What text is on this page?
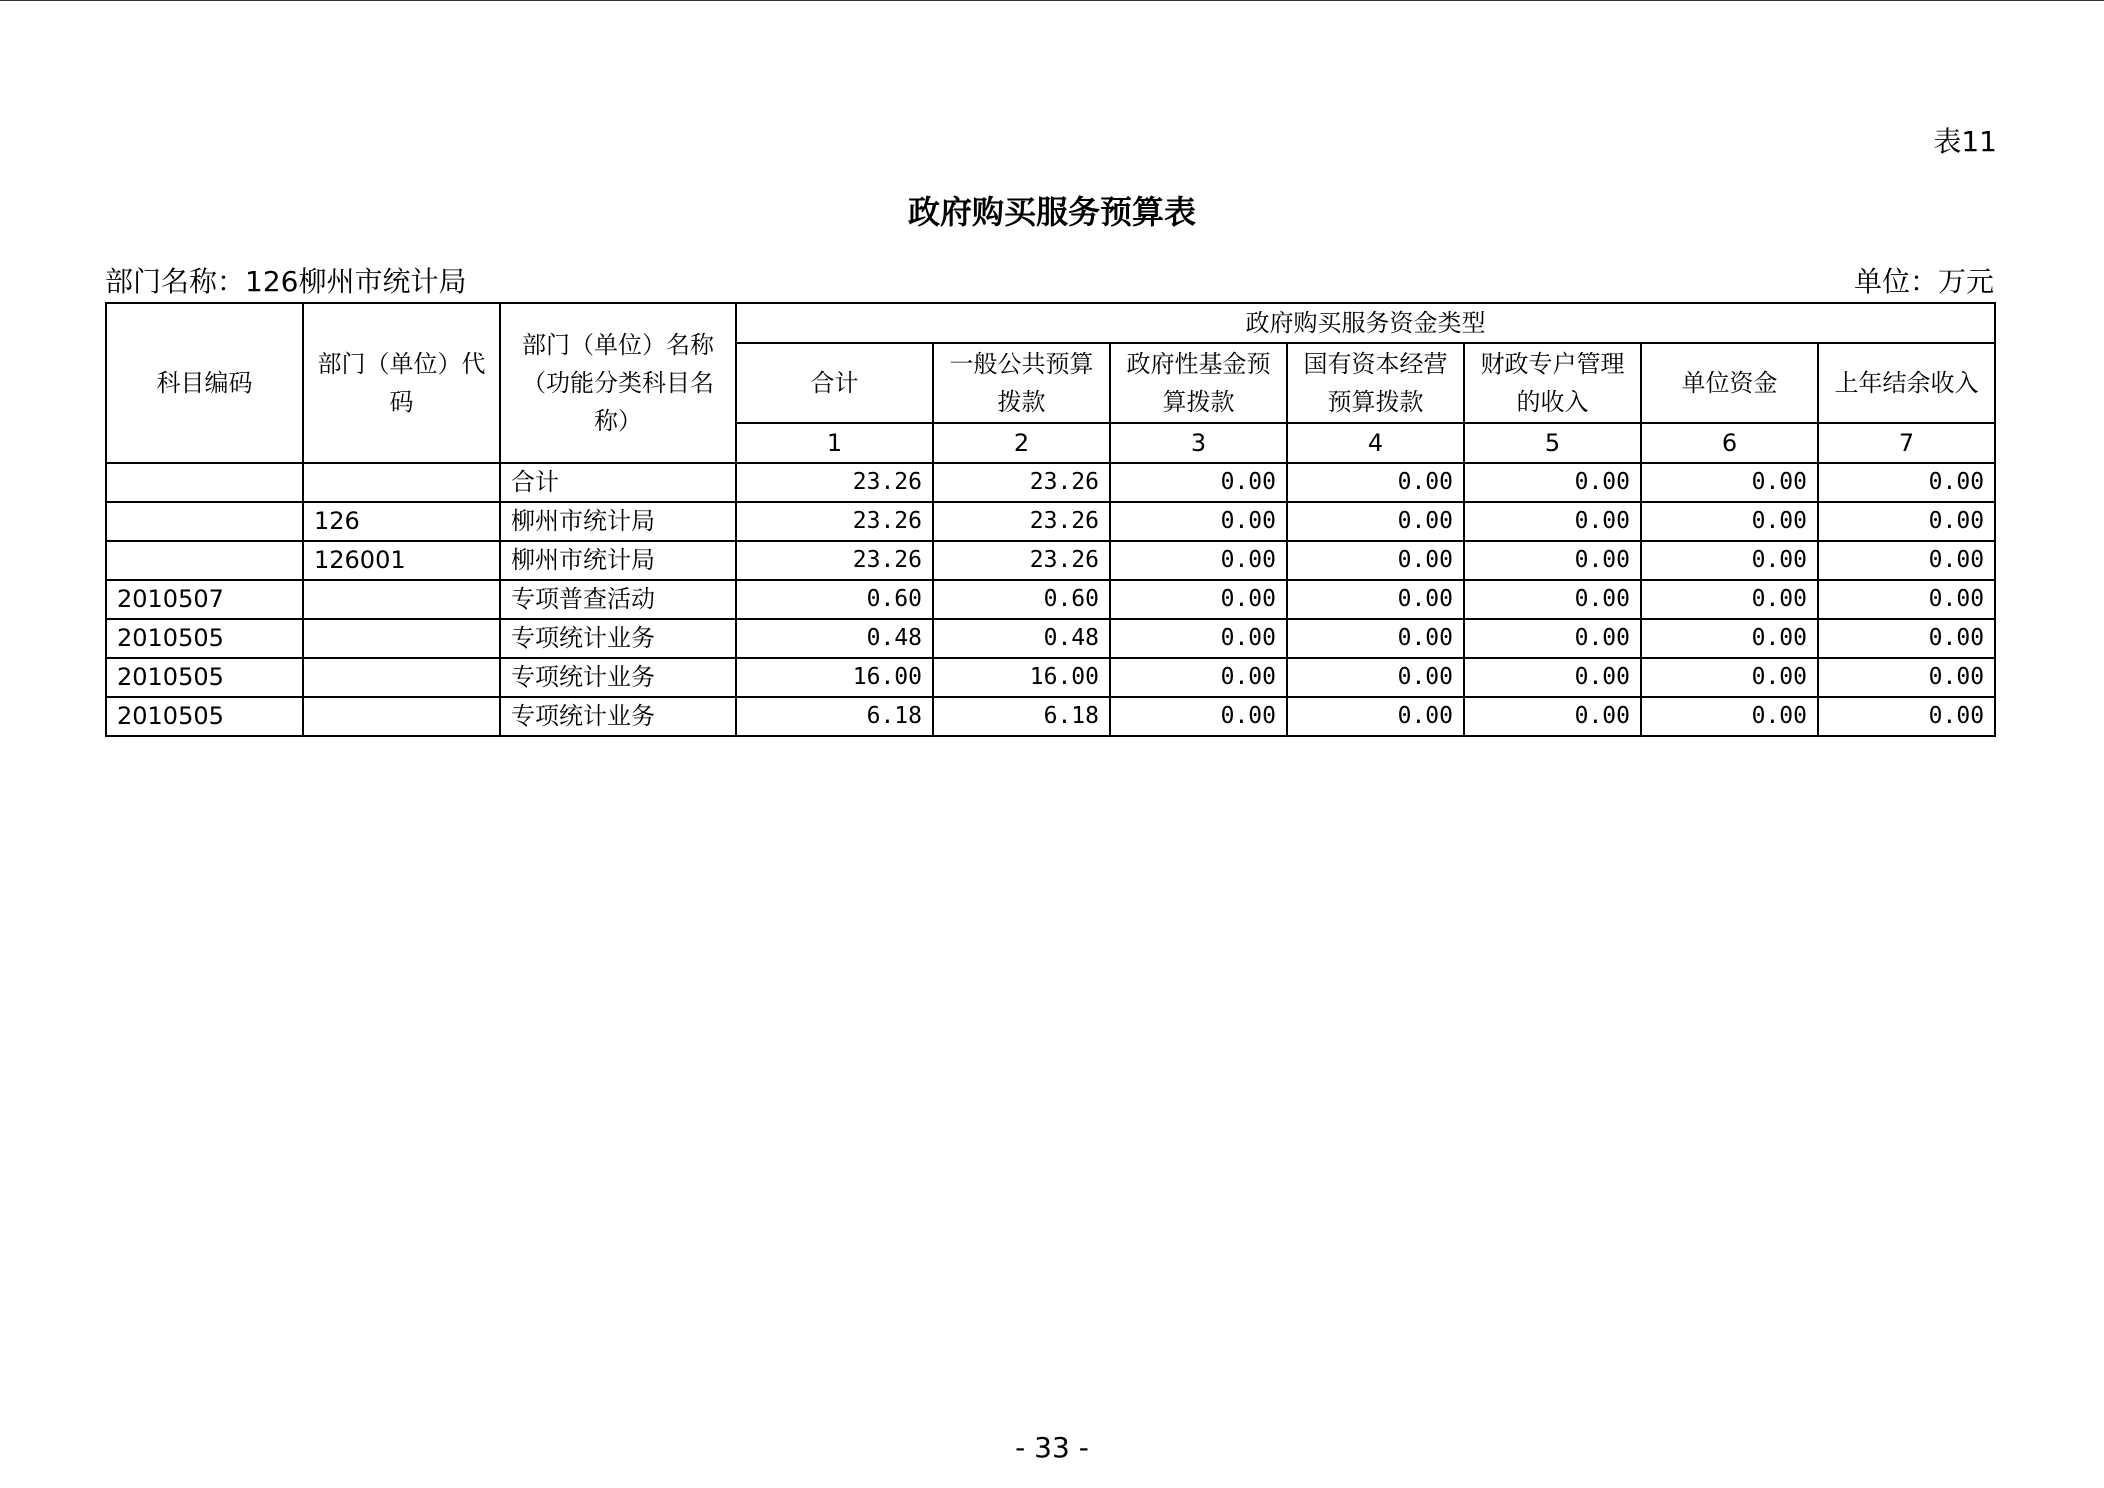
表11
政府购买服务预算表
部门名称：126柳州市统计局	单位：万元
科目编码	部门（单位）代码	部门（单位）名称（功能分类科目名称）	政府购买服务资金类型						
			合计	一般公共预算拨款	政府性基金预算拨款	国有资本经营预算拨款	财政专户管理的收入	单位资金	上年结余收入
			1	2	3	4	5	6	7
		合计	23.26	23.26	0.00	0.00	0.00	0.00	0.00
	126	柳州市统计局	23.26	23.26	0.00	0.00	0.00	0.00	0.00
	126001	柳州市统计局	23.26	23.26	0.00	0.00	0.00	0.00	0.00
2010507		专项普查活动	0.60	0.60	0.00	0.00	0.00	0.00	0.00
2010505		专项统计业务	0.48	0.48	0.00	0.00	0.00	0.00	0.00
2010505		专项统计业务	16.00	16.00	0.00	0.00	0.00	0.00	0.00
2010505		专项统计业务	6.18	6.18	0.00	0.00	0.00	0.00	0.00
- 33 -
